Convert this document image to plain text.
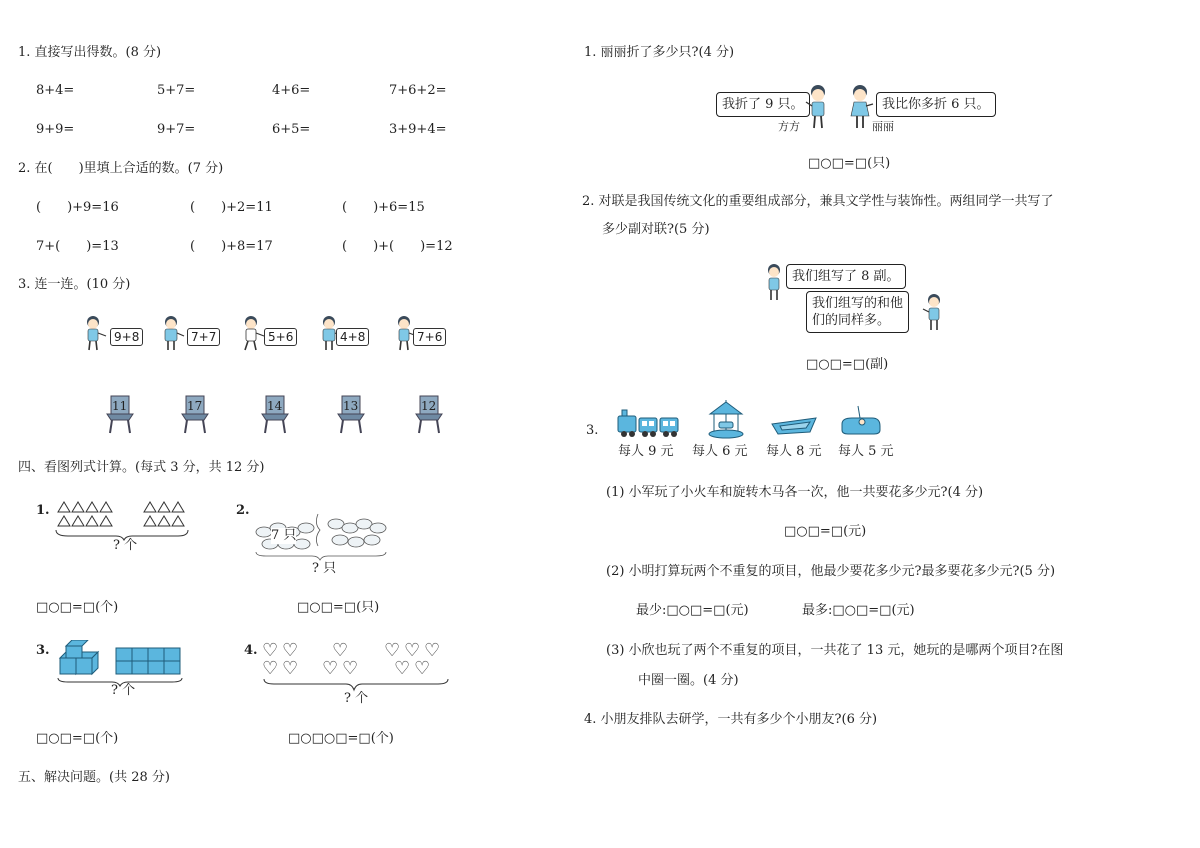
1. 直接写出得数。(8 分)
8+4=	5+7=	4+6=	7+6+2=
9+9=	9+7=	6+5=	3+9+4=
2. 在(　　)里填上合适的数。(7 分)
(　　)+9=16	(　　)+2=11	(　　)+6=15
7+(　　)=13	(　　)+8=17	(　　)+(　　)=12
3. 连一连。(10 分)
9+8	7+7	5+6	4+8	7+6
11	17	14	13	12
四、看图列式计算。(每式 3 分，共 12 分)
1.
? 个
□○□=□(个)
2.
7 只
? 只
□○□=□(只)
3.
? 个
□○□=□(个)
4. ♡ ♡
♡ ♡
♡
♡ ♡
♡ ♡ ♡
♡ ♡
? 个
□○□○□=□(个)
五、解决问题。(共 28 分)
1. 丽丽折了多少只?(4 分)
我折了 9 只。
方方
我比你多折 6 只。
丽丽
□○□=□(只)
2. 对联是我国传统文化的重要组成部分，兼具文学性与装饰性。两组同学一共写了
多少副对联?(5 分)
我们组写了 8 副。
我们组写的和他
们的同样多。
□○□=□(副)
3.
每人 9 元 每人 6 元 每人 8 元 每人 5 元
(1) 小军玩了小火车和旋转木马各一次，他一共要花多少元?(4 分)
□○□=□(元)
(2) 小明打算玩两个不重复的项目，他最少要花多少元?最多要花多少元?(5 分)
最少:□○□=□(元)	最多:□○□=□(元)
(3) 小欣也玩了两个不重复的项目，一共花了 13 元，她玩的是哪两个项目?在图
中圈一圈。(4 分)
4. 小朋友排队去研学，一共有多少个小朋友?(6 分)
